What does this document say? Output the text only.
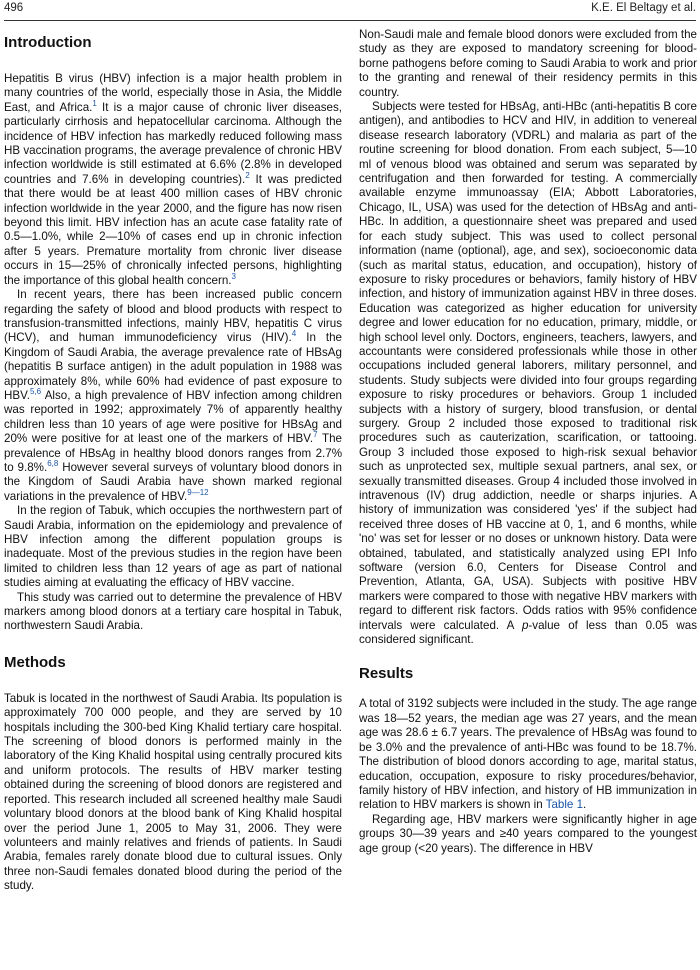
496	K.E. El Beltagy et al.
Introduction

Hepatitis B virus (HBV) infection is a major health problem in many countries of the world, especially those in Asia, the Middle East, and Africa.$^1$ It is a major cause of chronic liver diseases, particularly cirrhosis and hepatocellular carcinoma. Although the incidence of HBV infection has markedly reduced following mass HB vaccination programs, the average prevalence of chronic HBV infection worldwide is still estimated at 6.6% (2.8% in developed countries and 7.6% in developing countries).$^2$ It was predicted that there would be at least 400 million cases of HBV chronic infection worldwide in the year 2000, and the figure has now risen beyond this limit. HBV infection has an acute case fatality rate of 0.5—1.0%, while 2—10% of cases end up in chronic infection after 5 years. Premature mortality from chronic liver disease occurs in 15—25% of chronically infected persons, highlighting the importance of this global health concern.$^3$

In recent years, there has been increased public concern regarding the safety of blood and blood products with respect to transfusion-transmitted infections, mainly HBV, hepatitis C virus (HCV), and human immunodeficiency virus (HIV).$^4$ In the Kingdom of Saudi Arabia, the average prevalence rate of HBsAg (hepatitis B surface antigen) in the adult population in 1988 was approximately 8%, while 60% had evidence of past exposure to HBV.$^{5,6}$ Also, a high prevalence of HBV infection among children was reported in 1992; approximately 7% of apparently healthy children less than 10 years of age were positive for HBsAg and 20% were positive for at least one of the markers of HBV.$^7$ The prevalence of HBsAg in healthy blood donors ranges from 2.7% to 9.8%.$^{6,8}$ However several surveys of voluntary blood donors in the Kingdom of Saudi Arabia have shown marked regional variations in the prevalence of HBV.$^{9—12}$

In the region of Tabuk, which occupies the northwestern part of Saudi Arabia, information on the epidemiology and prevalence of HBV infection among the different population groups is inadequate. Most of the previous studies in the region have been limited to children less than 12 years of age as part of national studies aiming at evaluating the efficacy of HBV vaccine.

This study was carried out to determine the prevalence of HBV markers among blood donors at a tertiary care hospital in Tabuk, northwestern Saudi Arabia.

Methods

Tabuk is located in the northwest of Saudi Arabia. Its population is approximately 700 000 people, and they are served by 10 hospitals including the 300-bed King Khalid tertiary care hospital. The screening of blood donors is performed mainly in the laboratory of the King Khalid hospital using centrally procured kits and uniform protocols. The results of HBV marker testing obtained during the screening of blood donors are registered and reported. This research included all screened healthy male Saudi voluntary blood donors at the blood bank of King Khalid hospital over the period June 1, 2005 to May 31, 2006. They were volunteers and mainly relatives and friends of patients. In Saudi Arabia, females rarely donate blood due to cultural issues. Only three non-Saudi females donated blood during the period of the study.

Non-Saudi male and female blood donors were excluded from the study as they are exposed to mandatory screening for blood-borne pathogens before coming to Saudi Arabia to work and prior to the granting and renewal of their residency permits in this country.

Subjects were tested for HBsAg, anti-HBc (anti-hepatitis B core antigen), and antibodies to HCV and HIV, in addition to venereal disease research laboratory (VDRL) and malaria as part of the routine screening for blood donation. From each subject, 5—10 ml of venous blood was obtained and serum was separated by centrifugation and then forwarded for testing. A commercially available enzyme immunoassay (EIA; Abbott Laboratories, Chicago, IL, USA) was used for the detection of HBsAg and anti-HBc. In addition, a questionnaire sheet was prepared and used for each study subject. This was used to collect personal information (name (optional), age, and sex), socioeconomic data (such as marital status, education, and occupation), history of exposure to risky procedures or behaviors, family history of HBV infection, and history of immunization against HBV in three doses. Education was categorized as higher education for university degree and lower education for no education, primary, middle, or high school level only. Doctors, engineers, teachers, lawyers, and accountants were considered professionals while those in other occupations included general laborers, military personnel, and students. Study subjects were divided into four groups regarding exposure to risky procedures or behaviors. Group 1 included subjects with a history of surgery, blood transfusion, or dental surgery. Group 2 included those exposed to traditional risk procedures such as cauterization, scarification, or tattooing. Group 3 included those exposed to high-risk sexual behavior such as unprotected sex, multiple sexual partners, anal sex, or sexually transmitted diseases. Group 4 included those involved in intravenous (IV) drug addiction, needle or sharps injuries. A history of immunization was considered 'yes' if the subject had received three doses of HB vaccine at 0, 1, and 6 months, while 'no' was set for lesser or no doses or unknown history. Data were obtained, tabulated, and statistically analyzed using EPI Info software (version 6.0, Centers for Disease Control and Prevention, Atlanta, GA, USA). Subjects with positive HBV markers were compared to those with negative HBV markers with regard to different risk factors. Odds ratios with 95% confidence intervals were calculated. A p-value of less than 0.05 was considered significant.

Results

A total of 3192 subjects were included in the study. The age range was 18—52 years, the median age was 27 years, and the mean age was 28.6 ± 6.7 years. The prevalence of HBsAg was found to be 3.0% and the prevalence of anti-HBc was found to be 18.7%. The distribution of blood donors according to age, marital status, education, occupation, exposure to risky procedures/behavior, family history of HBV infection, and history of HB immunization in relation to HBV markers is shown in Table 1.

Regarding age, HBV markers were significantly higher in age groups 30—39 years and ≥40 years compared to the youngest age group (<20 years). The difference in HBV
